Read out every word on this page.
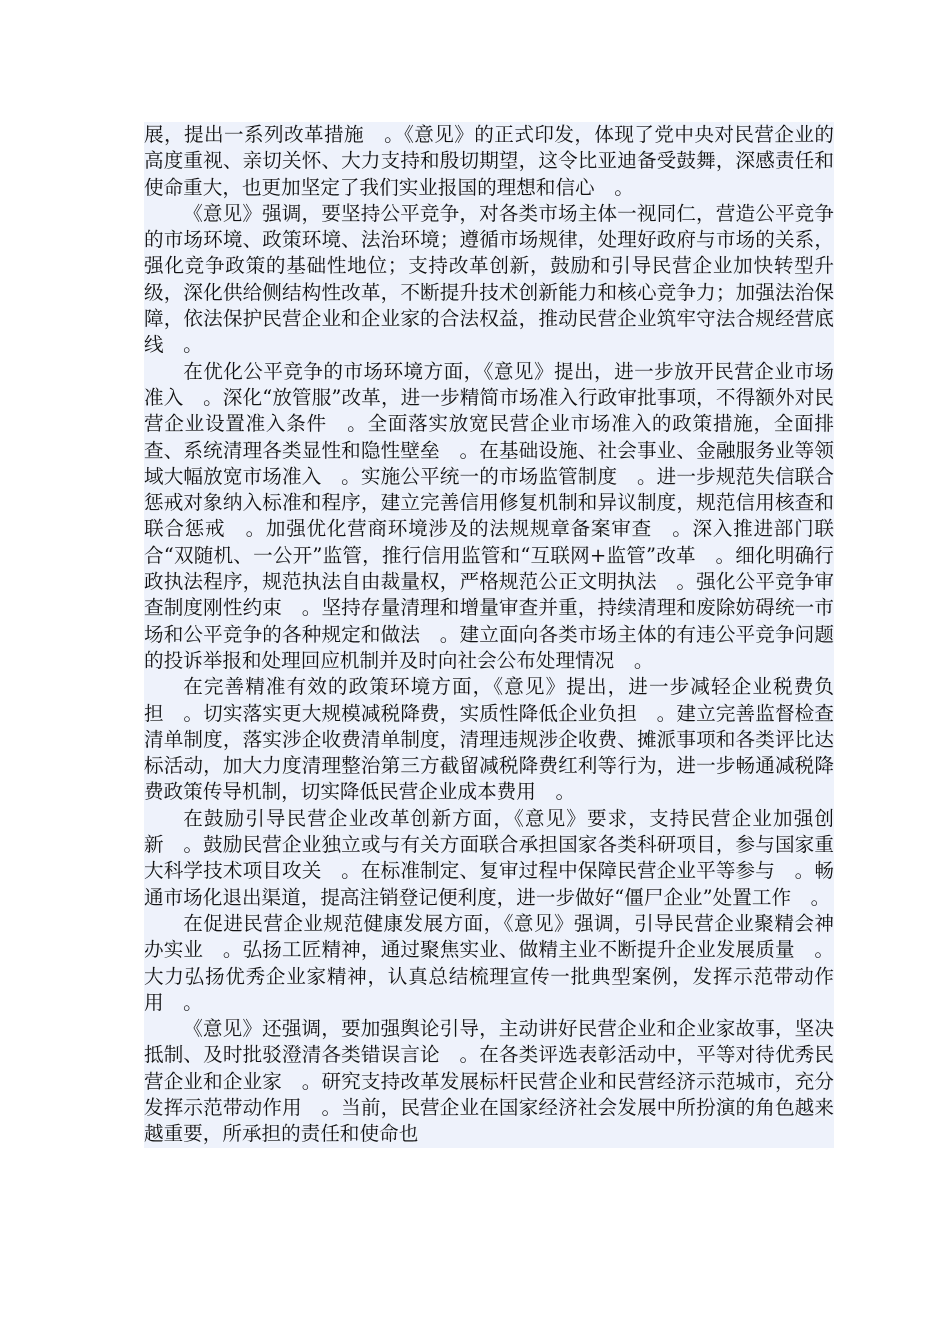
展，提出一系列改革措施　。《意见》的正式印发，体现了党中央对民营企业的高度重视、亲切关怀、大力支持和殷切期望，这令比亚迪备受鼓舞，深感责任和使命重大，也更加坚定了我们实业报国的理想和信心　。

《意见》强调，要坚持公平竞争，对各类市场主体一视同仁，营造公平竞争的市场环境、政策环境、法治环境；遵循市场规律，处理好政府与市场的关系，强化竞争政策的基础性地位；支持改革创新，鼓励和引导民营企业加快转型升级，深化供给侧结构性改革，不断提升技术创新能力和核心竞争力；加强法治保障，依法保护民营企业和企业家的合法权益，推动民营企业筑牢守法合规经营底线　。

在优化公平竞争的市场环境方面，《意见》提出，进一步放开民营企业市场准入　。深化“放管服”改革，进一步精简市场准入行政审批事项，不得额外对民营企业设置准入条件　。全面落实放宽民营企业市场准入的政策措施，全面排查、系统清理各类显性和隐性壁垒　。在基础设施、社会事业、金融服务业等领域大幅放宽市场准入　。实施公平统一的市场监管制度　。进一步规范失信联合惩戒对象纳入标准和程序，建立完善信用修复机制和异议制度，规范信用核查和联合惩戒　。加强优化营商环境涉及的法规规章备案审查　。深入推进部门联合“双随机、一公开”监管，推行信用监管和“互联网+监管”改革　。细化明确行政执法程序，规范执法自由裁量权，严格规范公正文明执法　。强化公平竞争审查制度刚性约束　。坚持存量清理和增量审查并重，持续清理和废除妨碍统一市场和公平竞争的各种规定和做法　。建立面向各类市场主体的有违公平竞争问题的投诉举报和处理回应机制并及时向社会公布处理情况　。

在完善精准有效的政策环境方面，《意见》提出，进一步减轻企业税费负担　。切实落实更大规模减税降费，实质性降低企业负担　。建立完善监督检查清单制度，落实涉企收费清单制度，清理违规涉企收费、摊派事项和各类评比达标活动，加大力度清理整治第三方截留减税降费红利等行为，进一步畅通减税降费政策传导机制，切实降低民营企业成本费用　。

在鼓励引导民营企业改革创新方面，《意见》要求，支持民营企业加强创新　。鼓励民营企业独立或与有关方面联合承担国家各类科研项目，参与国家重大科学技术项目攻关　。在标准制定、复审过程中保障民营企业平等参与　。畅通市场化退出渠道，提高注销登记便利度，进一步做好“僵尸企业”处置工作　。

在促进民营企业规范健康发展方面，《意见》强调，引导民营企业聚精会神办实业　。弘扬工匠精神，通过聚焦实业、做精主业不断提升企业发展质量　。大力弘扬优秀企业家精神，认真总结梳理宣传一批典型案例，发挥示范带动作用　。

《意见》还强调，要加强舆论引导，主动讲好民营企业和企业家故事，坚决抵制、及时批驳澄清各类错误言论　。在各类评选表彰活动中，平等对待优秀民营企业和企业家　。研究支持改革发展标杆民营企业和民营经济示范城市，充分发挥示范带动作用　。当前，民营企业在国家经济社会发展中所扮演的角色越来越重要，所承担的责任和使命也
